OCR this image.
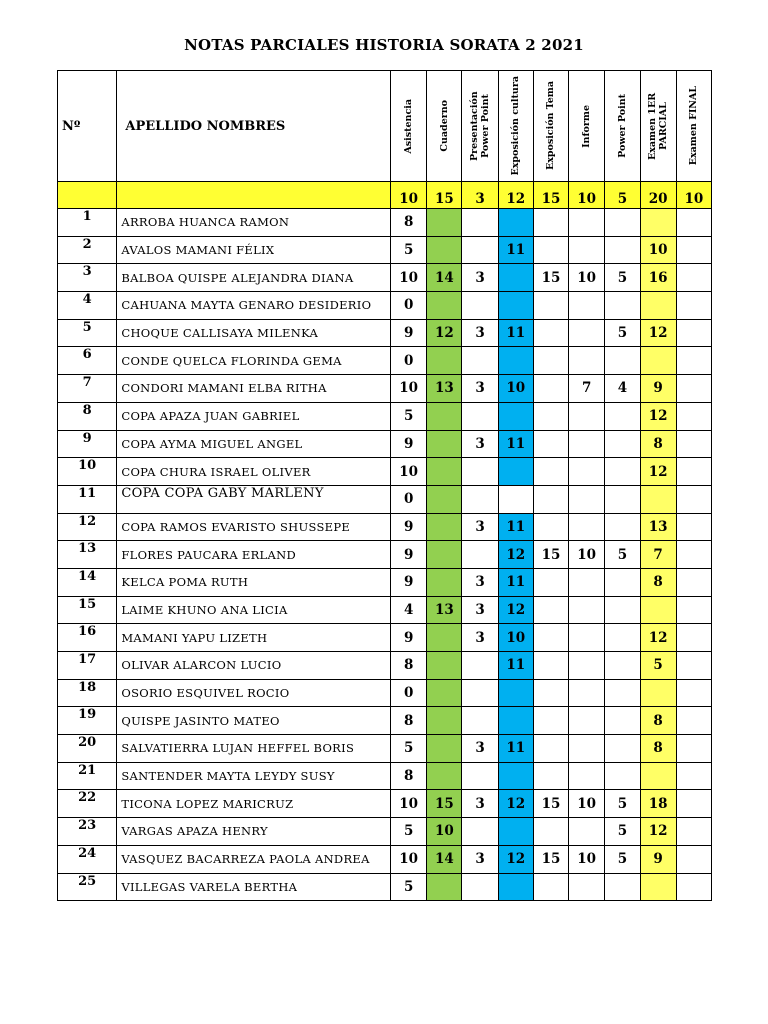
NOTAS PARCIALES HISTORIA SORATA 2 2021
Nº	APELLIDO NOMBRES	Asistencia	Cuaderno	Presentación Power Point	Exposición cultura	Exposición Tema	Informe	Power Point	Examen 1ER PARCIAL	Examen FINAL

		10	15	3	12	15	10	5	20	10
1	ARROBA HUANCA RAMON	8								
2	AVALOS MAMANI FÉLIX	5			11				10	
3	BALBOA QUISPE ALEJANDRA DIANA	10	14	3		15	10	5	16	
4	CAHUANA MAYTA GENARO DESIDERIO	0								
5	CHOQUE CALLISAYA MILENKA	9	12	3	11			5	12	
6	CONDE QUELCA FLORINDA GEMA	0								
7	CONDORI MAMANI ELBA RITHA	10	13	3	10		7	4	9	
8	COPA APAZA JUAN GABRIEL	5							12	
9	COPA AYMA MIGUEL ANGEL	9		3	11				8	
10	COPA CHURA ISRAEL OLIVER	10							12	
11	COPA COPA GABY MARLENY	0								
12	COPA RAMOS EVARISTO SHUSSEPE	9		3	11				13	
13	FLORES PAUCARA ERLAND	9			12	15	10	5	7	
14	KELCA POMA RUTH	9		3	11				8	
15	LAIME KHUNO ANA LICIA	4	13	3	12					
16	MAMANI YAPU LIZETH	9		3	10				12	
17	OLIVAR ALARCON LUCIO	8			11				5	
18	OSORIO ESQUIVEL ROCIO	0								
19	QUISPE JASINTO MATEO	8							8	
20	SALVATIERRA LUJAN HEFFEL BORIS	5		3	11				8	
21	SANTENDER MAYTA LEYDY SUSY	8								
22	TICONA LOPEZ MARICRUZ	10	15	3	12	15	10	5	18	
23	VARGAS APAZA HENRY	5	10					5	12	
24	VASQUEZ BACARREZA PAOLA ANDREA	10	14	3	12	15	10	5	9	
25	VILLEGAS VARELA BERTHA	5								
